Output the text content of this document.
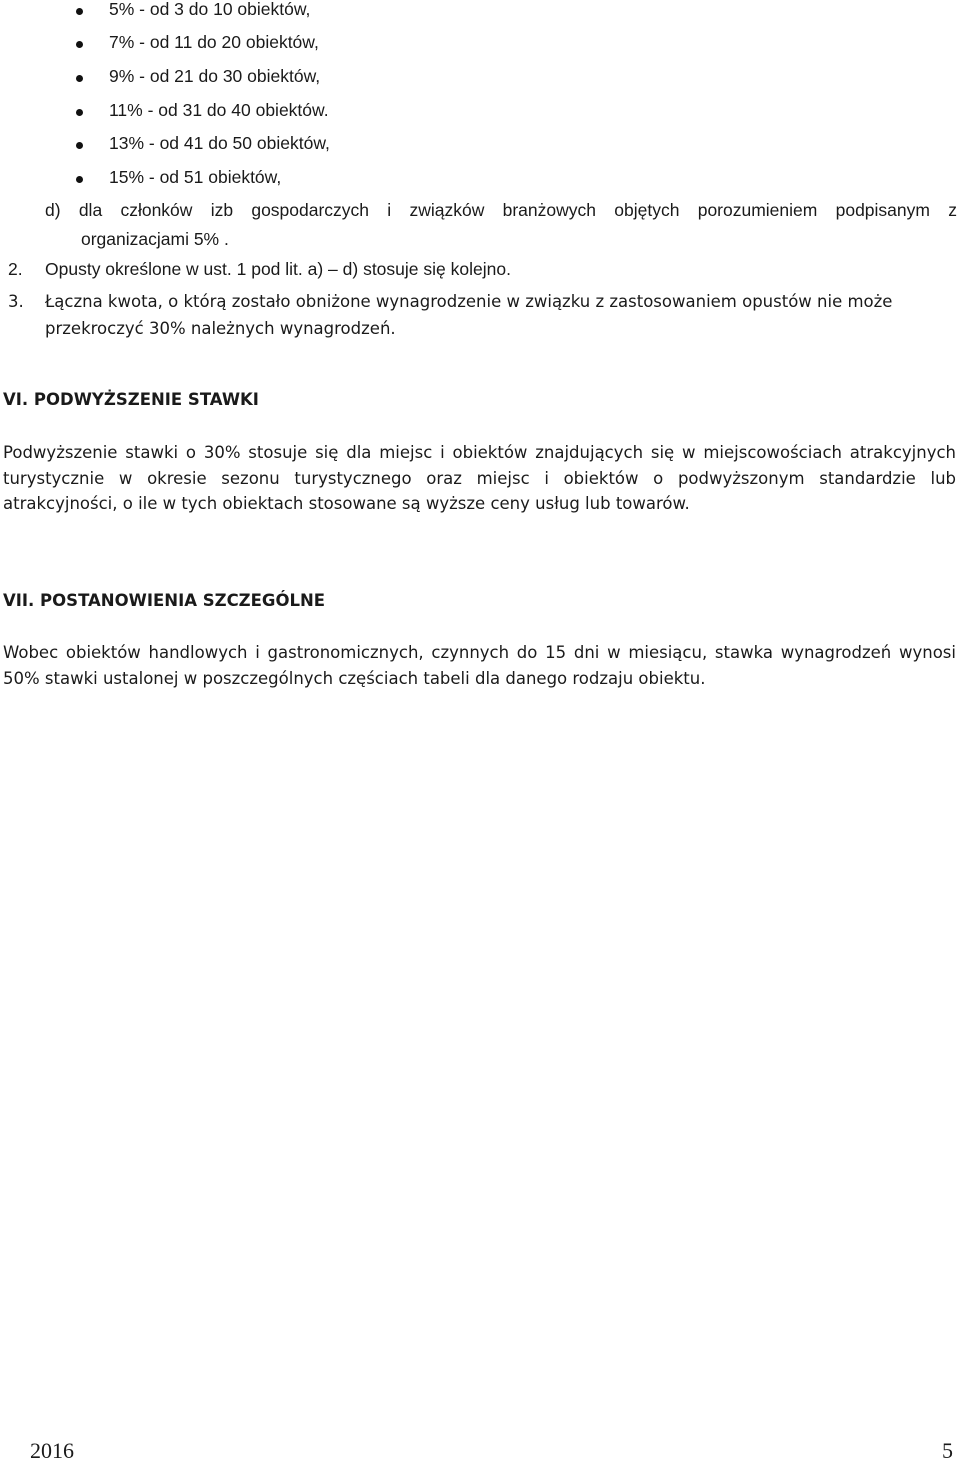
5% - od 3 do 10 obiektów,
7% - od 11 do 20 obiektów,
9% - od 21 do 30 obiektów,
11% - od 31 do 40 obiektów.
13% - od 41 do 50 obiektów,
15% - od 51 obiektów,
d) dla członków izb gospodarczych i związków branżowych objętych porozumieniem podpisanym z
organizacjami 5% .
2. Opusty określone w ust. 1 pod lit. a) – d) stosuje się kolejno.
3. Łączna kwota, o którą zostało obniżone wynagrodzenie w związku z zastosowaniem opustów nie może
przekroczyć 30% należnych wynagrodzeń.
VI. PODWYŻSZENIE STAWKI
Podwyższenie stawki o 30% stosuje się dla miejsc i obiektów znajdujących się w miejscowościach atrakcyjnych turystycznie w okresie sezonu turystycznego oraz miejsc i obiektów o podwyższonym standardzie lub atrakcyjności, o ile w tych obiektach stosowane są wyższe ceny usług lub towarów.
VII. POSTANOWIENIA SZCZEGÓLNE
Wobec obiektów handlowych i gastronomicznych, czynnych do 15 dni w miesiącu, stawka wynagrodzeń wynosi 50% stawki ustalonej w poszczególnych częściach tabeli dla danego rodzaju obiektu.
2016	5
